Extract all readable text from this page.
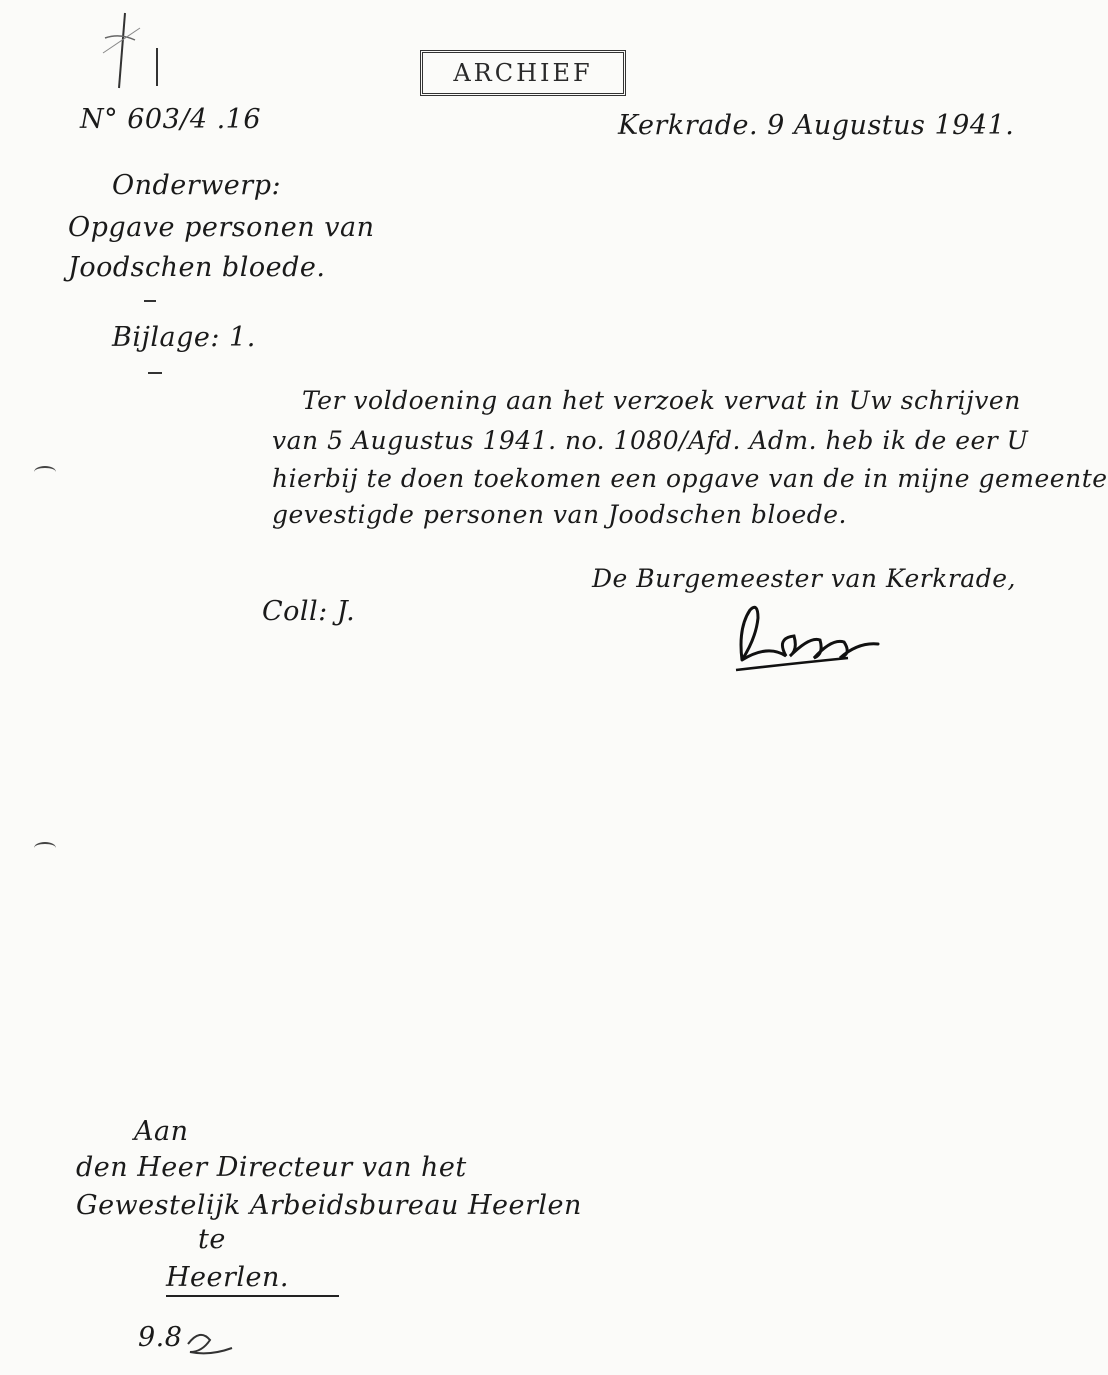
ARCHIEF
N° 603/4 .16	Kerkrade. 9 Augustus 1941.
Onderwerp:
Opgave personen van
Joodschen bloede.
Bijlage: 1.
Ter voldoening aan het verzoek vervat in Uw schrijven
van 5 Augustus 1941. no. 1080/Afd. Adm. heb ik de eer U
hierbij te doen toekomen een opgave van de in mijne gemeente
gevestigde personen van Joodschen bloede.
De Burgemeester van Kerkrade,
Coll: J.
Aan
den Heer Directeur van het
Gewestelijk Arbeidsbureau Heerlen
te
Heerlen.
9.8
